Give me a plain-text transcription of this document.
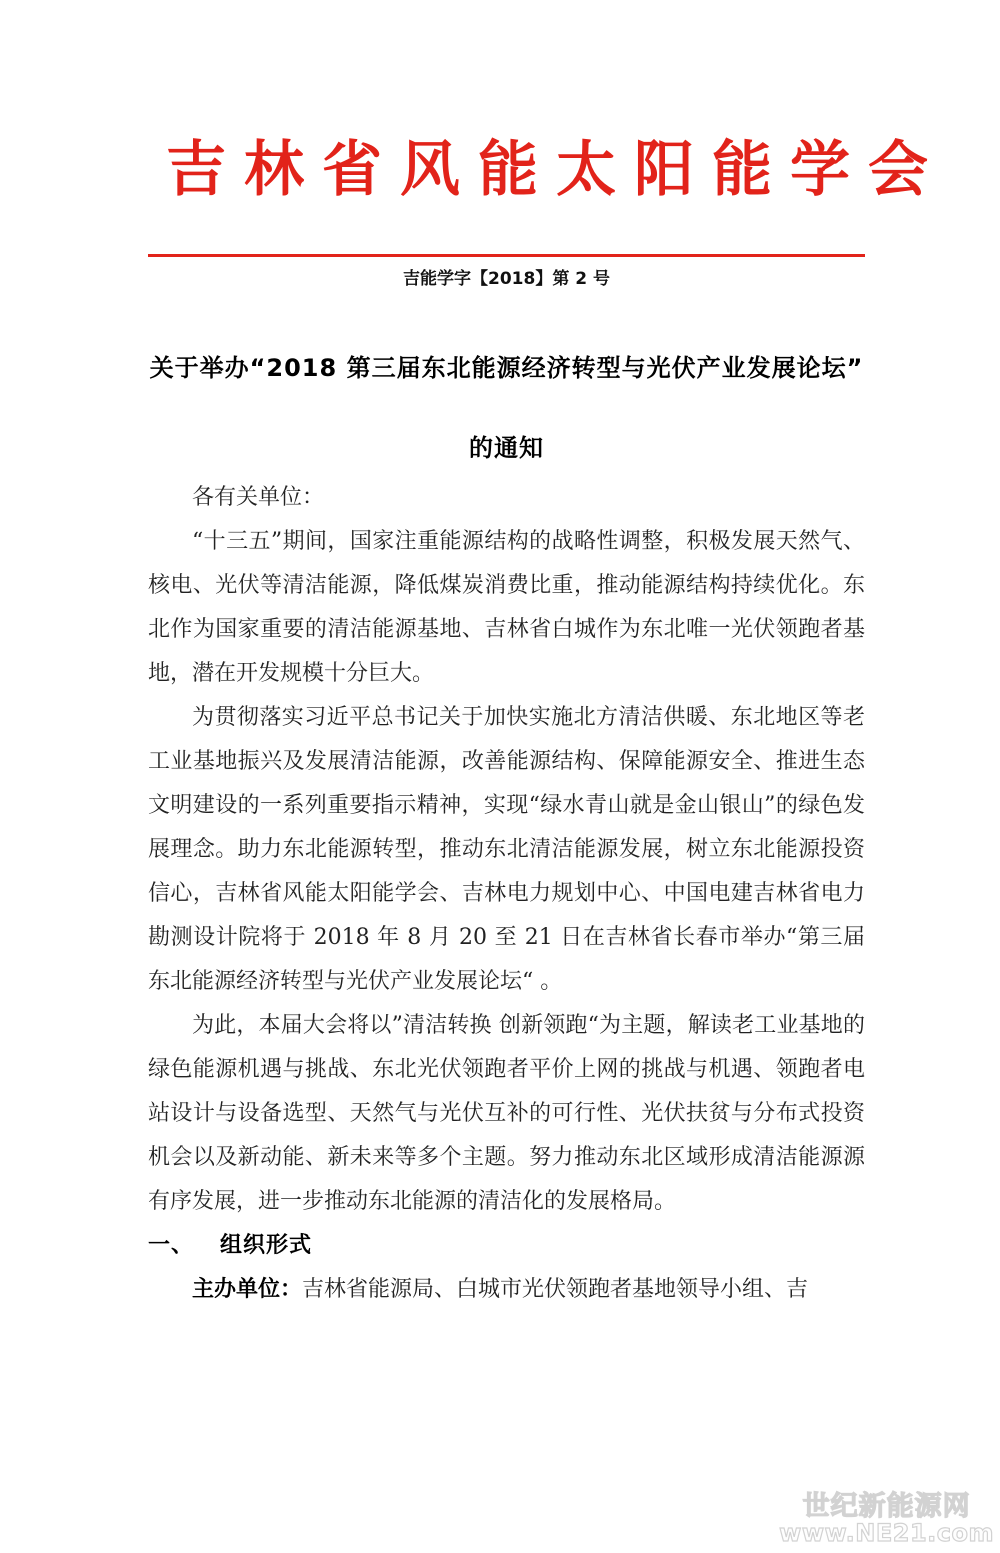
吉林省风能太阳能学会
吉能学字【2018】第 2 号
关于举办“2018 第三届东北能源经济转型与光伏产业发展论坛”
的通知

各有关单位：

“十三五”期间，国家注重能源结构的战略性调整，积极发展天然气、核电、光伏等清洁能源，降低煤炭消费比重，推动能源结构持续优化。东北作为国家重要的清洁能源基地、吉林省白城作为东北唯一光伏领跑者基地，潜在开发规模十分巨大。

为贯彻落实习近平总书记关于加快实施北方清洁供暖、东北地区等老工业基地振兴及发展清洁能源，改善能源结构、保障能源安全、推进生态文明建设的一系列重要指示精神，实现“绿水青山就是金山银山”的绿色发展理念。助力东北能源转型，推动东北清洁能源发展，树立东北能源投资信心，吉林省风能太阳能学会、吉林电力规划中心、中国电建吉林省电力勘测设计院将于 2018 年 8 月 20 至 21 日在吉林省长春市举办“第三届东北能源经济转型与光伏产业发展论坛“ 。

为此，本届大会将以”清洁转换 创新领跑“为主题，解读老工业基地的绿色能源机遇与挑战、东北光伏领跑者平价上网的挑战与机遇、领跑者电站设计与设备选型、天然气与光伏互补的可行性、光伏扶贫与分布式投资机会以及新动能、新未来等多个主题。努力推动东北区域形成清洁能源源有序发展，进一步推动东北能源的清洁化的发展格局。

一、 组织形式

主办单位：吉林省能源局、白城市光伏领跑者基地领导小组、吉

世纪新能源网
www.NE21.com
